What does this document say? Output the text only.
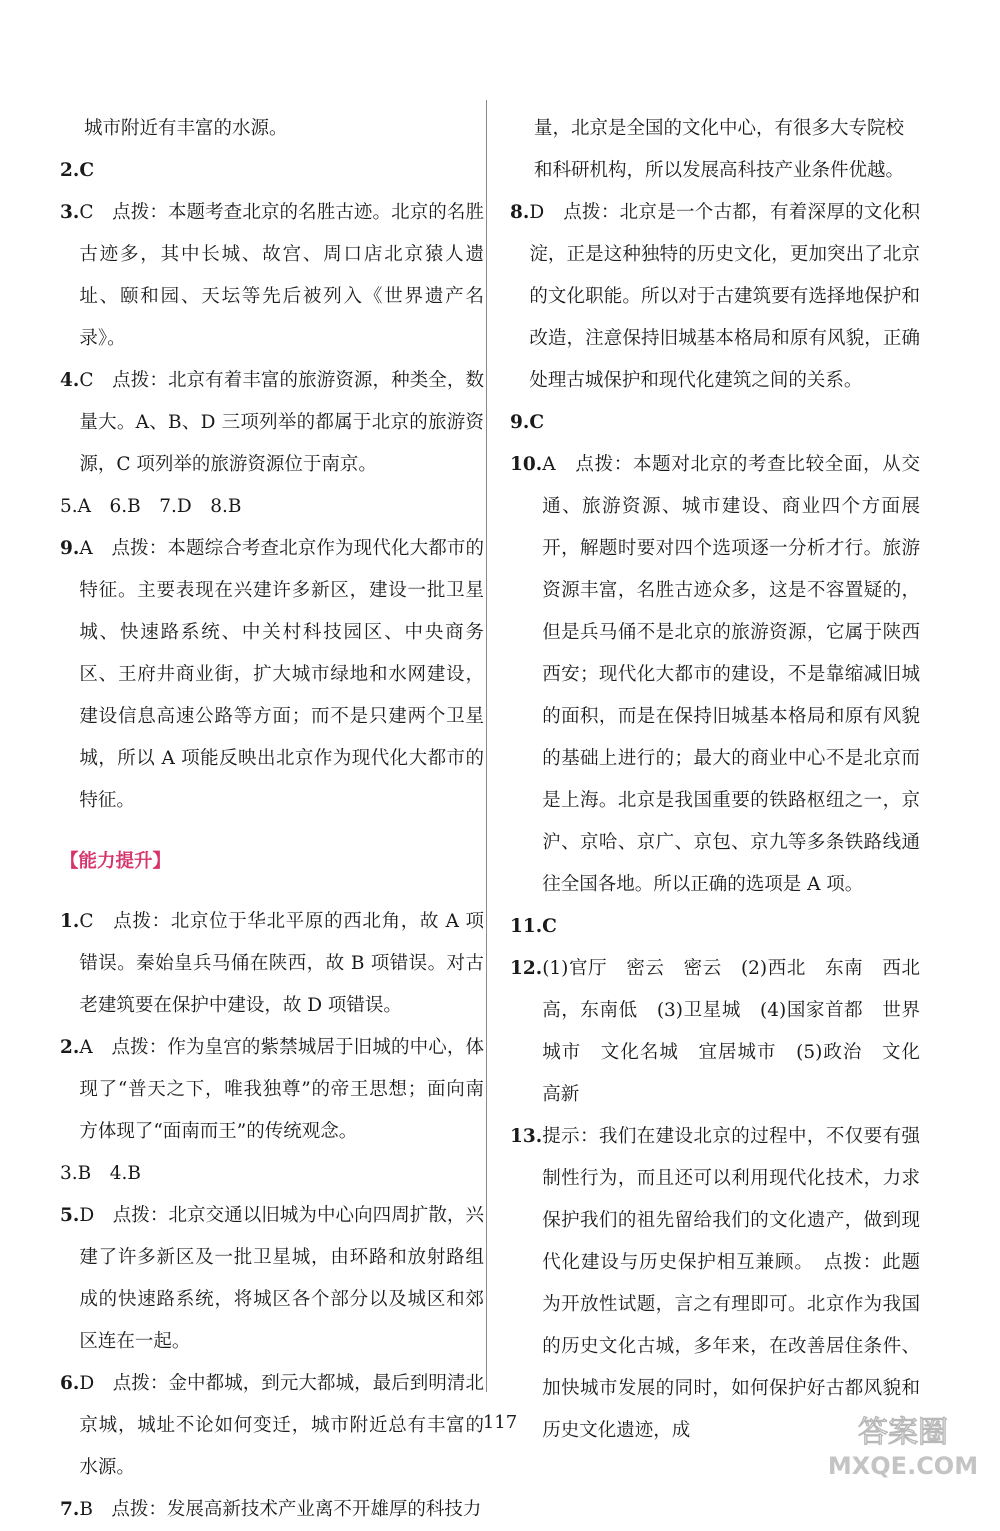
城市附近有丰富的水源。

2.C

3. C　点拨：本题考查北京的名胜古迹。北京的名胜古迹多，其中长城、故宫、周口店北京猿人遗址、颐和园、天坛等先后被列入《世界遗产名录》。
4. C　点拨：北京有着丰富的旅游资源，种类全，数量大。A、B、D 三项列举的都属于北京的旅游资源，C 项列举的旅游资源位于南京。

5.A　6.B　7.D　8.B

9. A　点拨：本题综合考查北京作为现代化大都市的特征。主要表现在兴建许多新区，建设一批卫星城、快速路系统、中关村科技园区、中央商务区、王府井商业街，扩大城市绿地和水网建设，建设信息高速公路等方面；而不是只建两个卫星城，所以 A 项能反映出北京作为现代化大都市的特征。

【能力提升】

1. C　点拨：北京位于华北平原的西北角，故 A 项错误。秦始皇兵马俑在陕西，故 B 项错误。对古老建筑要在保护中建设，故 D 项错误。
2. A　点拨：作为皇宫的紫禁城居于旧城的中心，体现了“普天之下，唯我独尊”的帝王思想；面向南方体现了“面南而王”的传统观念。

3.B　4.B

5. D　点拨：北京交通以旧城为中心向四周扩散，兴建了许多新区及一批卫星城，由环路和放射路组成的快速路系统，将城区各个部分以及城区和郊区连在一起。
6. D　点拨：金中都城，到元大都城，最后到明清北京城，城址不论如何变迁，城市附近总有丰富的水源。
7. B　点拨：发展高新技术产业离不开雄厚的科技力

量，北京是全国的文化中心，有很多大专院校和科研机构，所以发展高科技产业条件优越。

8. D　点拨：北京是一个古都，有着深厚的文化积淀，正是这种独特的历史文化，更加突出了北京的文化职能。所以对于古建筑要有选择地保护和改造，注意保持旧城基本格局和原有风貌，正确处理古城保护和现代化建筑之间的关系。

9.C

10. A　点拨：本题对北京的考查比较全面，从交通、旅游资源、城市建设、商业四个方面展开，解题时要对四个选项逐一分析才行。旅游资源丰富，名胜古迹众多，这是不容置疑的，但是兵马俑不是北京的旅游资源，它属于陕西西安；现代化大都市的建设，不是靠缩减旧城的面积，而是在保持旧城基本格局和原有风貌的基础上进行的；最大的商业中心不是北京而是上海。北京是我国重要的铁路枢纽之一，京沪、京哈、京广、京包、京九等多条铁路线通往全国各地。所以正确的选项是 A 项。

11.C

12. (1)官厅　密云　密云　(2)西北　东南　西北高，东南低　(3)卫星城　(4)国家首都　世界城市　文化名城　宜居城市　(5)政治　文化　高新
13. 提示：我们在建设北京的过程中，不仅要有强制性行为，而且还可以利用现代化技术，力求保护我们的祖先留给我们的文化遗产，做到现代化建设与历史保护相互兼顾。　点拨：此题为开放性试题，言之有理即可。北京作为我国的历史文化古城，多年来，在改善居住条件、加快城市发展的同时，如何保护好古都风貌和历史文化遗迹，成
117	答案圈
MXQE.COM
